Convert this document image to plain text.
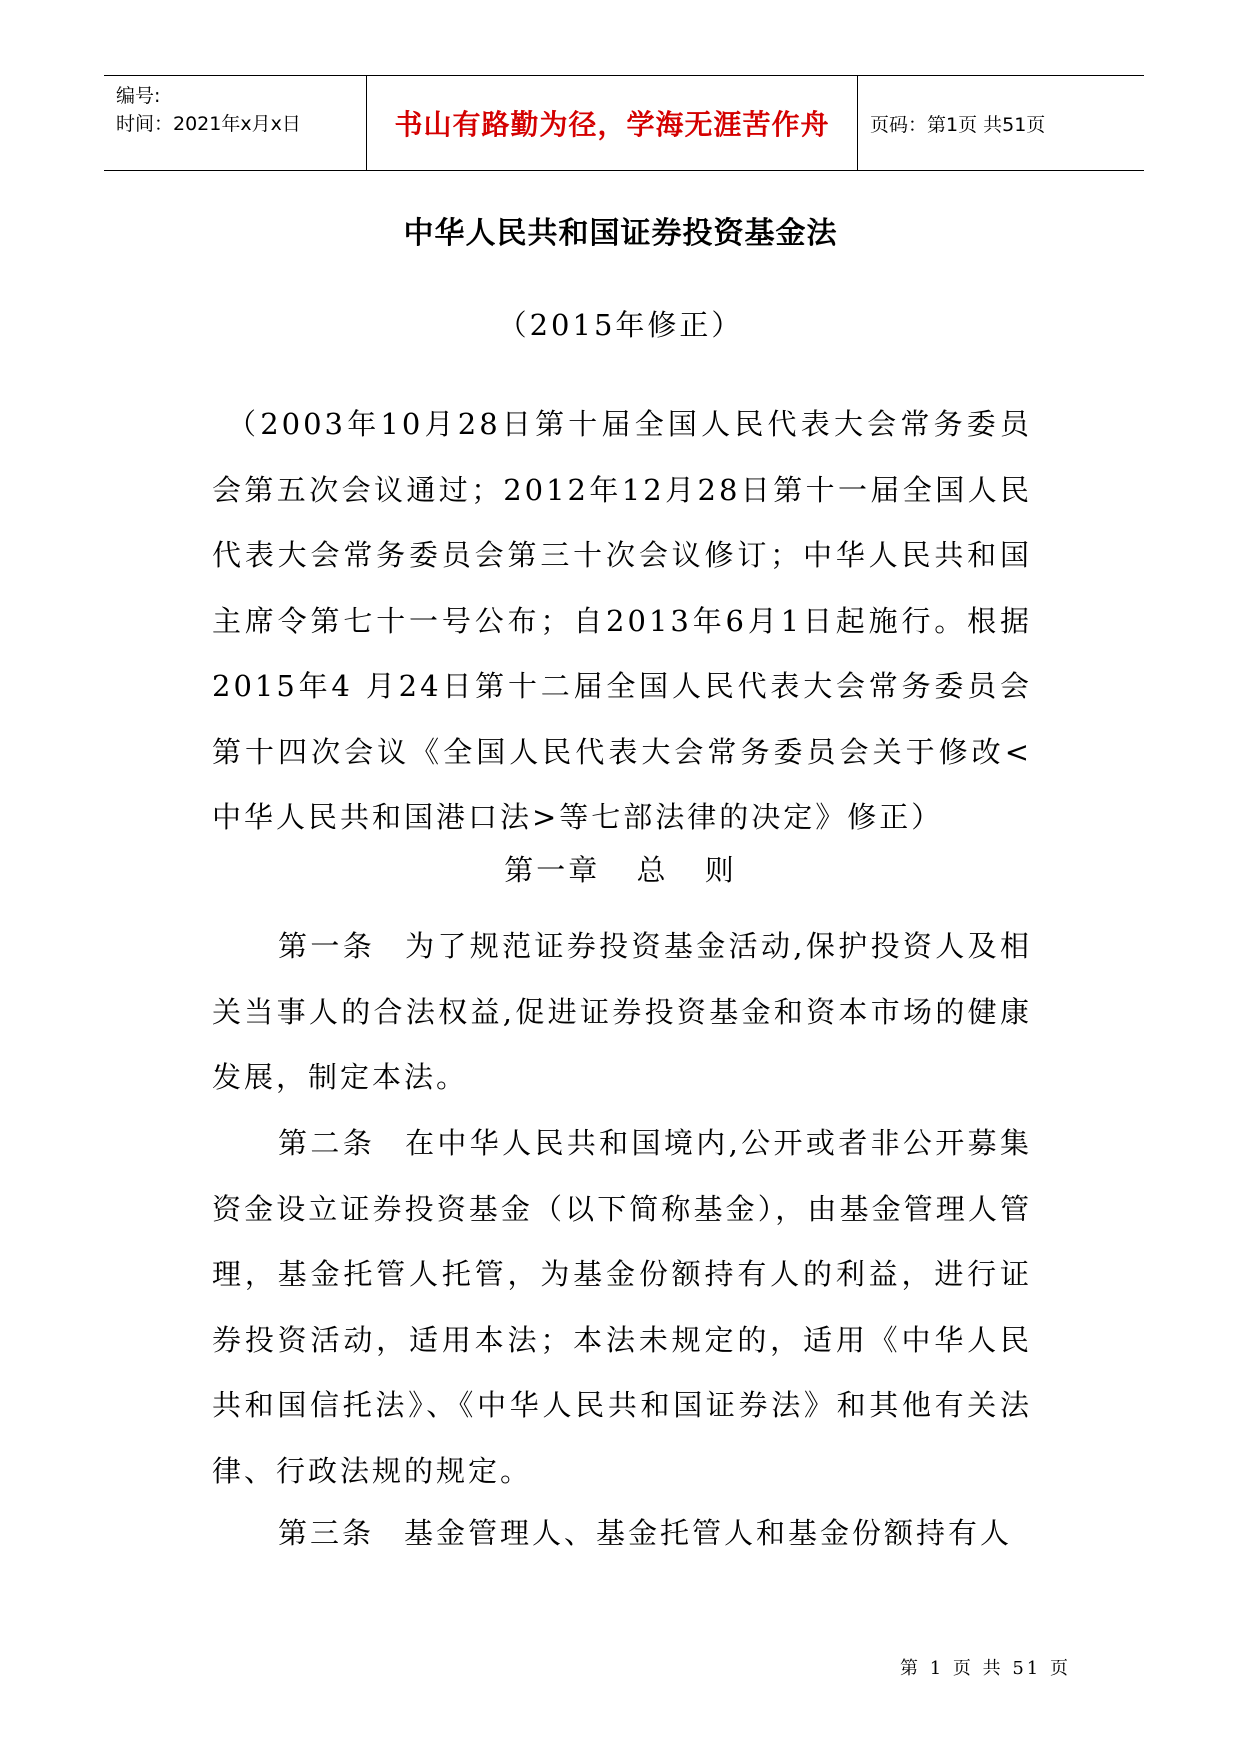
编号:
时间：2021年x月x日	书山有路勤为径，学海无涯苦作舟 页码：第1页 共51页
中华人民共和国证券投资基金法
（2015年修正）
（2003年10月28日第十届全国人民代表大会常务委员会第五次会议通过；2012年12月28日第十一届全国人民代表大会常务委员会第三十次会议修订；中华人民共和国主席令第七十一号公布；自2013年6月1日起施行。根据2015年4 月24日第十二届全国人民代表大会常务委员会第十四次会议《全国人民代表大会常务委员会关于修改<中华人民共和国港口法>等七部法律的决定》修正）
第一章 总 则
第一条 为了规范证券投资基金活动,保护投资人及相关当事人的合法权益,促进证券投资基金和资本市场的健康发展，制定本法。
第二条 在中华人民共和国境内,公开或者非公开募集资金设立证券投资基金（以下简称基金），由基金管理人管理，基金托管人托管，为基金份额持有人的利益，进行证券投资活动，适用本法；本法未规定的，适用《中华人民共和国信托法》、《中华人民共和国证券法》和其他有关法律、行政法规的规定。
第三条 基金管理人、基金托管人和基金份额持有人
第 1 页 共 51 页
